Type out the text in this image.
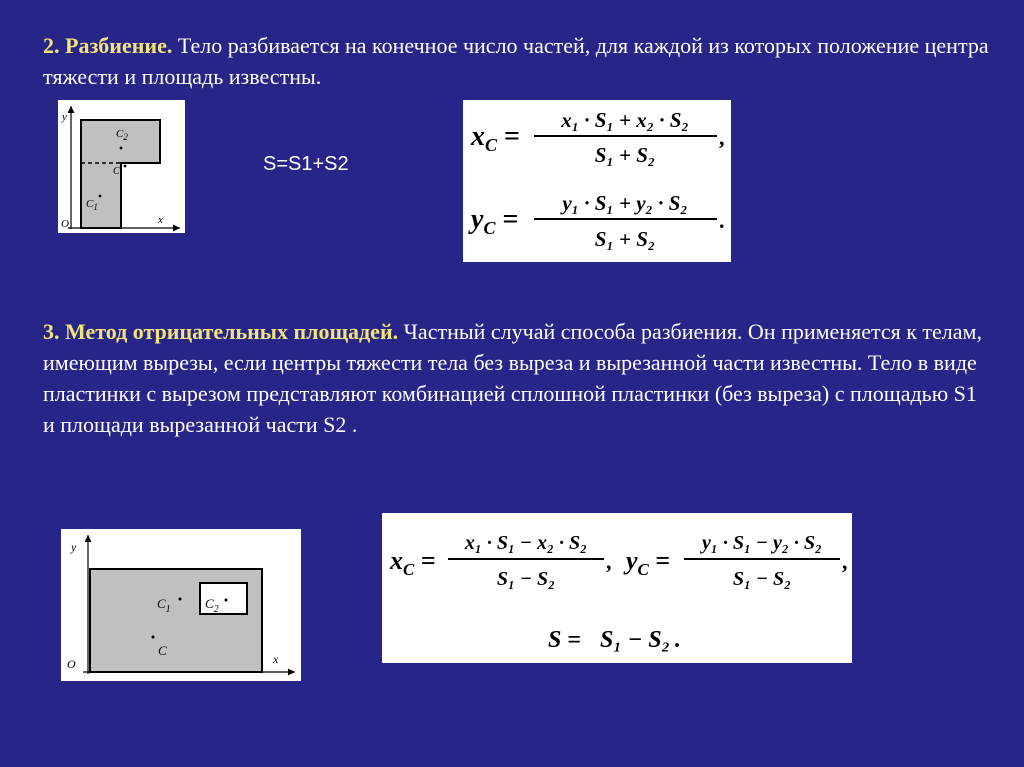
2. Разбиение. Тело разбивается на конечное число частей, для каждой из которых положение центра тяжести и площадь известны.
y
x
O
$C_2$
C
$C_1$
S=S1+S2
$x_C$ =
x₁ · S₁ + x₂ · S₂
S₁ + S₂
,
$y_C$ =
y₁ · S₁ + y₂ · S₂
S₁ + S₂
.
3. Метод отрицательных площадей. Частный случай способа разбиения. Он применяется к телам, имеющим вырезы, если центры тяжести тела без выреза и вырезанной части известны. Тело в виде пластинки с вырезом представляют комбинацией сплошной пластинки (без выреза) с площадью S1 и площади вырезанной части S2 .
y
x
O
$C_1$	$C_2$
C
$x_C$ =
x₁ · S₁ − x₂ · S₂
S₁ − S₂
, $y_C$ =
y₁ · S₁ − y₂ · S₂
S₁ − S₂
,
S = S₁ − S₂ .
